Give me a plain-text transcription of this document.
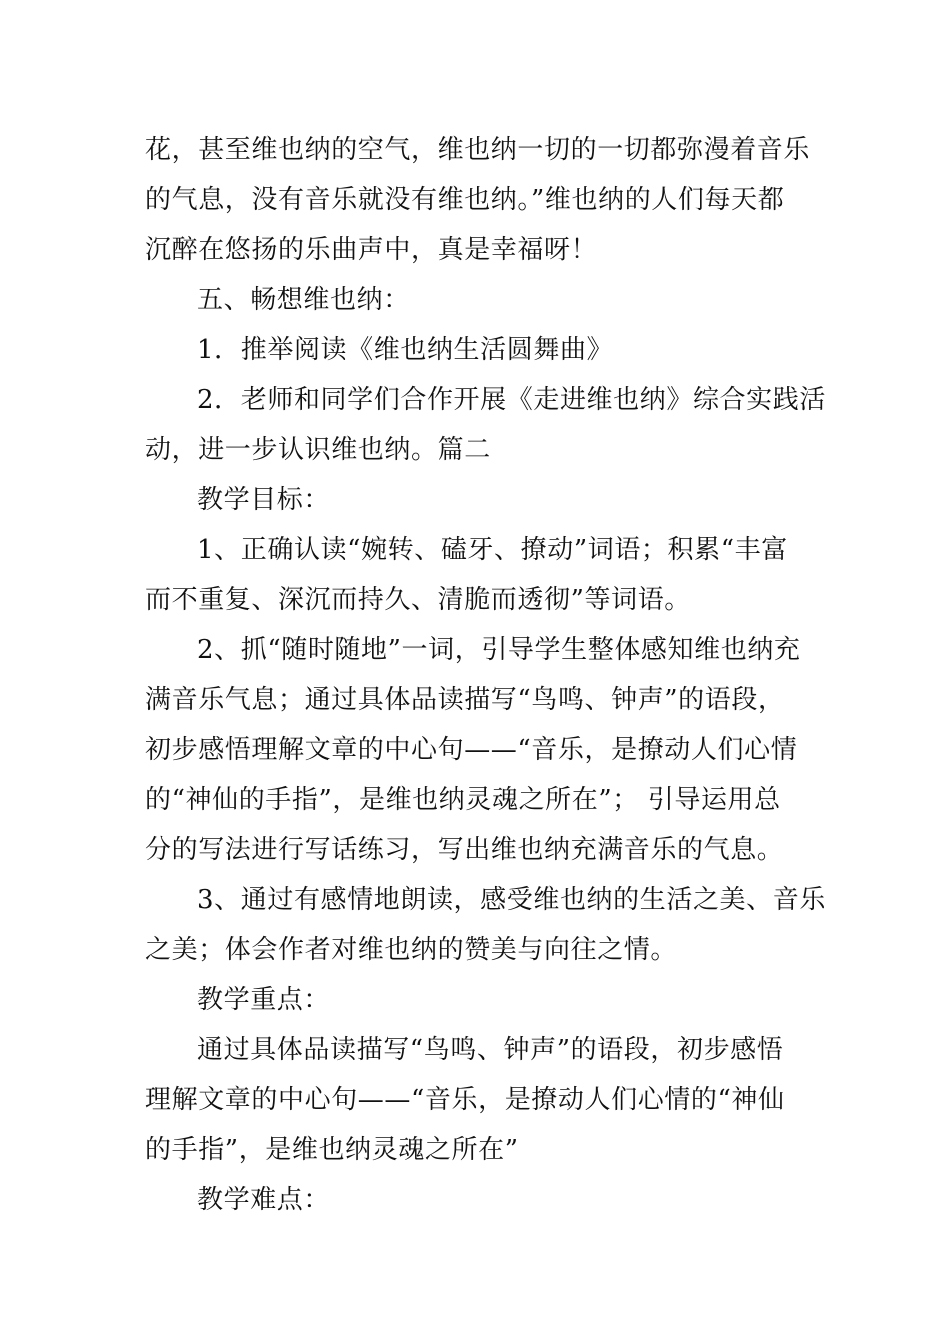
花，甚至维也纳的空气，维也纳一切的一切都弥漫着音乐
的气息，没有音乐就没有维也纳。”维也纳的人们每天都
沉醉在悠扬的乐曲声中，真是幸福呀！
五、畅想维也纳：
1．推举阅读《维也纳生活圆舞曲》
2．老师和同学们合作开展《走进维也纳》综合实践活
动，进一步认识维也纳。篇二
教学目标：
1、正确认读“婉转、磕牙、撩动”词语；积累“丰富
而不重复、深沉而持久、清脆而透彻”等词语。
2、抓“随时随地”一词，引导学生整体感知维也纳充
满音乐气息；通过具体品读描写“鸟鸣、钟声”的语段，
初步感悟理解文章的中心句——“音乐，是撩动人们心情
的“神仙的手指”，是维也纳灵魂之所在”； 引导运用总
分的写法进行写话练习，写出维也纳充满音乐的气息。
3、通过有感情地朗读，感受维也纳的生活之美、音乐
之美；体会作者对维也纳的赞美与向往之情。
教学重点：
通过具体品读描写“鸟鸣、钟声”的语段，初步感悟
理解文章的中心句——“音乐，是撩动人们心情的“神仙
的手指”，是维也纳灵魂之所在”
教学难点：
